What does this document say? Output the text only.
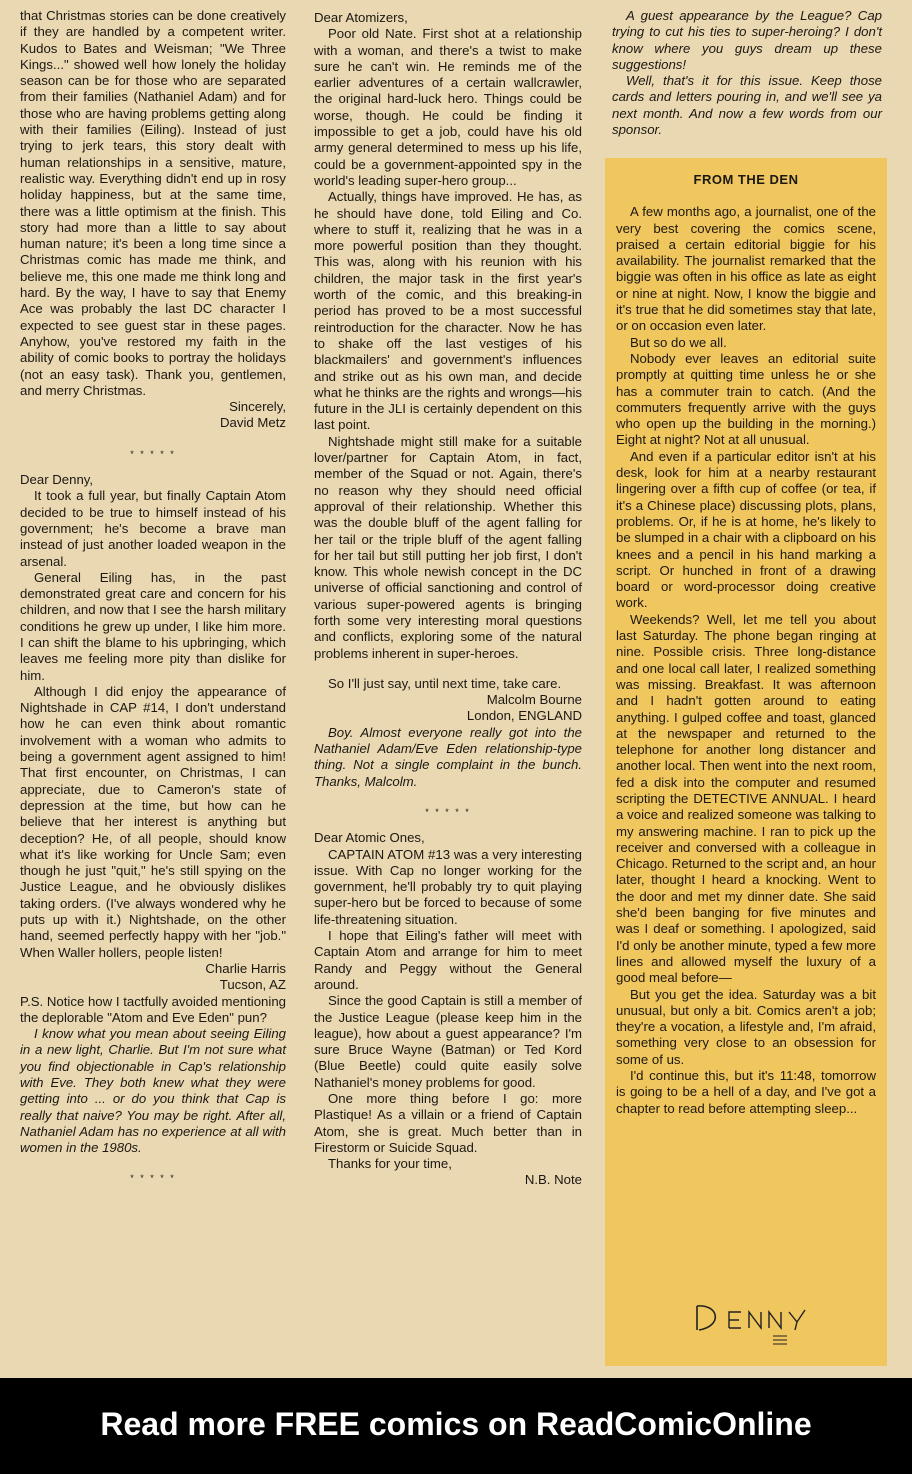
that Christmas stories can be done creatively if they are handled by a competent writer. Kudos to Bates and Weisman; "We Three Kings..." showed well how lonely the holiday season can be for those who are separated from their families (Nathaniel Adam) and for those who are having problems getting along with their families (Eiling). Instead of just trying to jerk tears, this story dealt with human relationships in a sensitive, mature, realistic way. Everything didn't end up in rosy holiday happiness, but at the same time, there was a little optimism at the finish. This story had more than a little to say about human nature; it's been a long time since a Christmas comic has made me think, and believe me, this one made me think long and hard. By the way, I have to say that Enemy Ace was probably the last DC character I expected to see guest star in these pages. Anyhow, you've restored my faith in the ability of comic books to portray the holidays (not an easy task). Thank you, gentlemen, and merry Christmas.

Sincerely,

David Metz

* * * * *

Dear Denny,

It took a full year, but finally Captain Atom decided to be true to himself instead of his government; he's become a brave man instead of just another loaded weapon in the arsenal.

General Eiling has, in the past demonstrated great care and concern for his children, and now that I see the harsh military conditions he grew up under, I like him more. I can shift the blame to his upbringing, which leaves me feeling more pity than dislike for him.

Although I did enjoy the appearance of Nightshade in CAP #14, I don't understand how he can even think about romantic involvement with a woman who admits to being a government agent assigned to him! That first encounter, on Christmas, I can appreciate, due to Cameron's state of depression at the time, but how can he believe that her interest is anything but deception? He, of all people, should know what it's like working for Uncle Sam; even though he just "quit," he's still spying on the Justice League, and he obviously dislikes taking orders. (I've always wondered why he puts up with it.) Nightshade, on the other hand, seemed perfectly happy with her "job." When Waller hollers, people listen!

Charlie Harris

Tucson, AZ

P.S. Notice how I tactfully avoided mentioning the deplorable "Atom and Eve Eden" pun?

I know what you mean about seeing Eiling in a new light, Charlie. But I'm not sure what you find objectionable in Cap's relationship with Eve. They both knew what they were getting into ... or do you think that Cap is really that naive? You may be right. After all, Nathaniel Adam has no experience at all with women in the 1980s.

* * * * *

Dear Atomizers,

Poor old Nate. First shot at a relationship with a woman, and there's a twist to make sure he can't win. He reminds me of the earlier adventures of a certain wallcrawler, the original hard-luck hero. Things could be worse, though. He could be finding it impossible to get a job, could have his old army general determined to mess up his life, could be a government-appointed spy in the world's leading super-hero group...

Actually, things have improved. He has, as he should have done, told Eiling and Co. where to stuff it, realizing that he was in a more powerful position than they thought. This was, along with his reunion with his children, the major task in the first year's worth of the comic, and this breaking-in period has proved to be a most successful reintroduction for the character. Now he has to shake off the last vestiges of his blackmailers' and government's influences and strike out as his own man, and decide what he thinks are the rights and wrongs—his future in the JLI is certainly dependent on this last point.

Nightshade might still make for a suitable lover/partner for Captain Atom, in fact, member of the Squad or not. Again, there's no reason why they should need official approval of their relationship. Whether this was the double bluff of the agent falling for her tail or the triple bluff of the agent falling for her tail but still putting her job first, I don't know. This whole newish concept in the DC universe of official sanctioning and control of various super-powered agents is bringing forth some very interesting moral questions and conflicts, exploring some of the natural problems inherent in super-heroes.

So I'll just say, until next time, take care.

Malcolm Bourne

London, ENGLAND

Boy. Almost everyone really got into the Nathaniel Adam/Eve Eden relationship-type thing. Not a single complaint in the bunch. Thanks, Malcolm.

* * * * *

Dear Atomic Ones,

CAPTAIN ATOM #13 was a very interesting issue. With Cap no longer working for the government, he'll probably try to quit playing super-hero but be forced to because of some life-threatening situation.

I hope that Eiling's father will meet with Captain Atom and arrange for him to meet Randy and Peggy without the General around.

Since the good Captain is still a member of the Justice League (please keep him in the league), how about a guest appearance? I'm sure Bruce Wayne (Batman) or Ted Kord (Blue Beetle) could quite easily solve Nathaniel's money problems for good.

One more thing before I go: more Plastique! As a villain or a friend of Captain Atom, she is great. Much better than in Firestorm or Suicide Squad.

Thanks for your time,

N.B. Note

A guest appearance by the League? Cap trying to cut his ties to super-heroing? I don't know where you guys dream up these suggestions!

Well, that's it for this issue. Keep those cards and letters pouring in, and we'll see ya next month. And now a few words from our sponsor.

FROM THE DEN

A few months ago, a journalist, one of the very best covering the comics scene, praised a certain editorial biggie for his availability. The journalist remarked that the biggie was often in his office as late as eight or nine at night. Now, I know the biggie and it's true that he did sometimes stay that late, or on occasion even later.

But so do we all.

Nobody ever leaves an editorial suite promptly at quitting time unless he or she has a commuter train to catch. (And the commuters frequently arrive with the guys who open up the building in the morning.) Eight at night? Not at all unusual.

And even if a particular editor isn't at his desk, look for him at a nearby restaurant lingering over a fifth cup of coffee (or tea, if it's a Chinese place) discussing plots, plans, problems. Or, if he is at home, he's likely to be slumped in a chair with a clipboard on his knees and a pencil in his hand marking a script. Or hunched in front of a drawing board or word-processor doing creative work.

Weekends? Well, let me tell you about last Saturday. The phone began ringing at nine. Possible crisis. Three long-distance and one local call later, I realized something was missing. Breakfast. It was afternoon and I hadn't gotten around to eating anything. I gulped coffee and toast, glanced at the newspaper and returned to the telephone for another long distancer and another local. Then went into the next room, fed a disk into the computer and resumed scripting the DETECTIVE ANNUAL. I heard a voice and realized someone was talking to my answering machine. I ran to pick up the receiver and conversed with a colleague in Chicago. Returned to the script and, an hour later, thought I heard a knocking. Went to the door and met my dinner date. She said she'd been banging for five minutes and was I deaf or something. I apologized, said I'd only be another minute, typed a few more lines and allowed myself the luxury of a good meal before—

But you get the idea. Saturday was a bit unusual, but only a bit. Comics aren't a job; they're a vocation, a lifestyle and, I'm afraid, something very close to an obsession for some of us.

I'd continue this, but it's 11:48, tomorrow is going to be a hell of a day, and I've got a chapter to read before attempting sleep...

Read more FREE comics on ReadComicOnline
